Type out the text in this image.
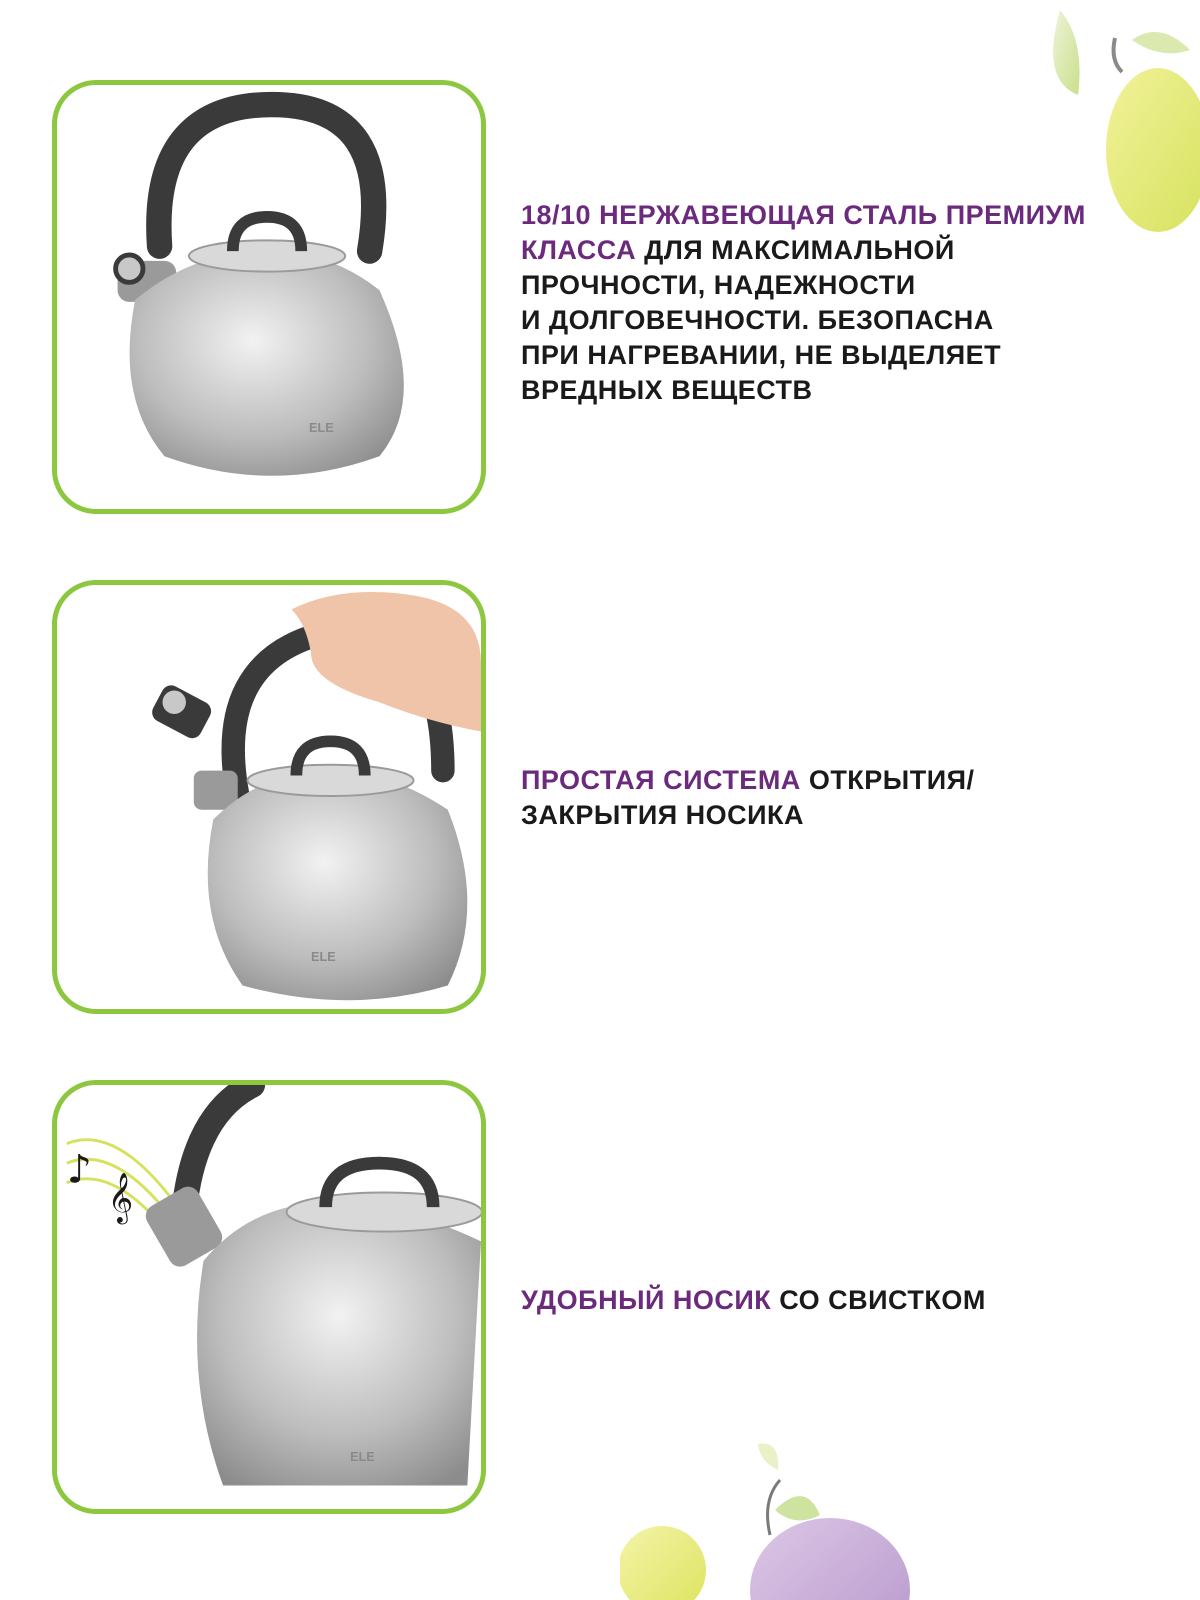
ELE
ELE
♪
𝄞
ELE
18/10 НЕРЖАВЕЮЩАЯ СТАЛЬ ПРЕМИУМ
КЛАССА ДЛЯ МАКСИМАЛЬНОЙ
ПРОЧНОСТИ, НАДЕЖНОСТИ
И ДОЛГОВЕЧНОСТИ. БЕЗОПАСНА
ПРИ НАГРЕВАНИИ, НЕ ВЫДЕЛЯЕТ
ВРЕДНЫХ ВЕЩЕСТВ
ПРОСТАЯ СИСТЕМА ОТКРЫТИЯ/
ЗАКРЫТИЯ НОСИКА
УДОБНЫЙ НОСИК СО СВИСТКОМ
